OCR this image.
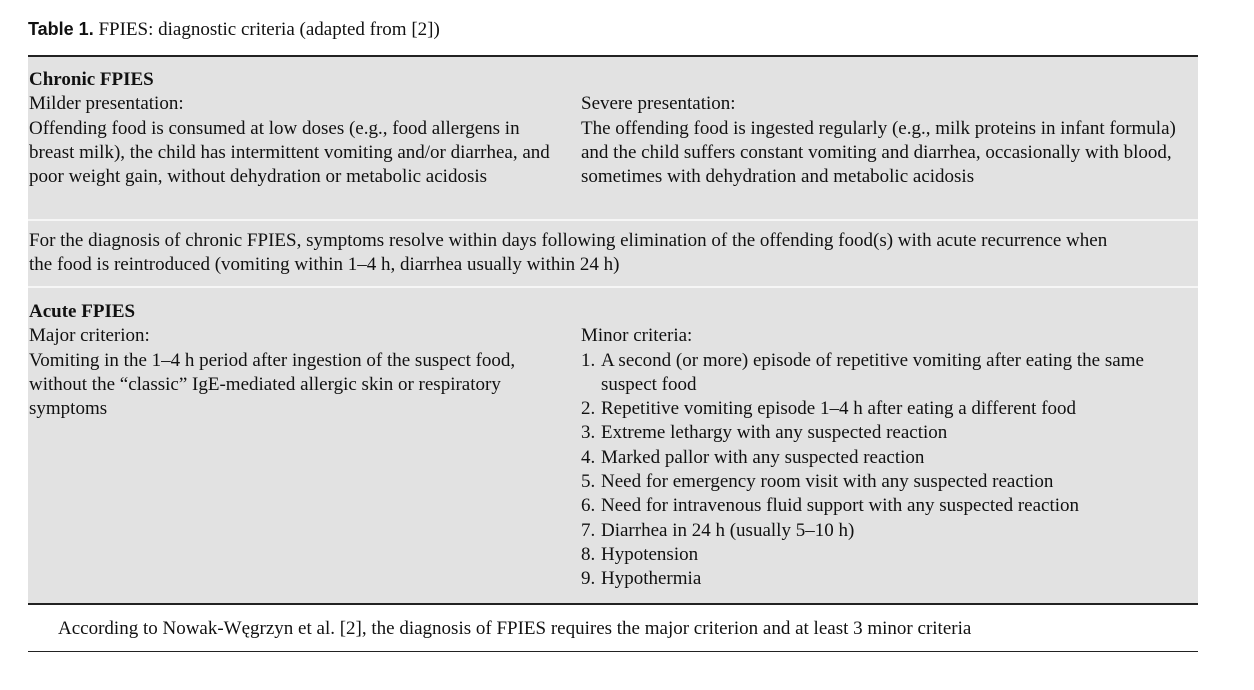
Table 1. FPIES: diagnostic criteria (adapted from [2])
Chronic FPIES
Milder presentation:
Offending food is consumed at low doses (e.g., food allergens in breast milk), the child has intermittent vomiting and/or diarrhea, and poor weight gain, without dehydration or metabolic acidosis
Severe presentation:
The offending food is ingested regularly (e.g., milk proteins in infant formula) and the child suffers constant vomiting and diarrhea, occasionally with blood, sometimes with dehydration and metabolic acidosis
For the diagnosis of chronic FPIES, symptoms resolve within days following elimination of the offending food(s) with acute recurrence when the food is reintroduced (vomiting within 1–4 h, diarrhea usually within 24 h)
Acute FPIES
Major criterion:
Vomiting in the 1–4 h period after ingestion of the suspect food, without the “classic” IgE-mediated allergic skin or respiratory symptoms
Minor criteria:
1. A second (or more) episode of repetitive vomiting after eating the same suspect food
2. Repetitive vomiting episode 1–4 h after eating a different food
3. Extreme lethargy with any suspected reaction
4. Marked pallor with any suspected reaction
5. Need for emergency room visit with any suspected reaction
6. Need for intravenous fluid support with any suspected reaction
7. Diarrhea in 24 h (usually 5–10 h)
8. Hypotension
9. Hypothermia
According to Nowak-Węgrzyn et al. [2], the diagnosis of FPIES requires the major criterion and at least 3 minor criteria
